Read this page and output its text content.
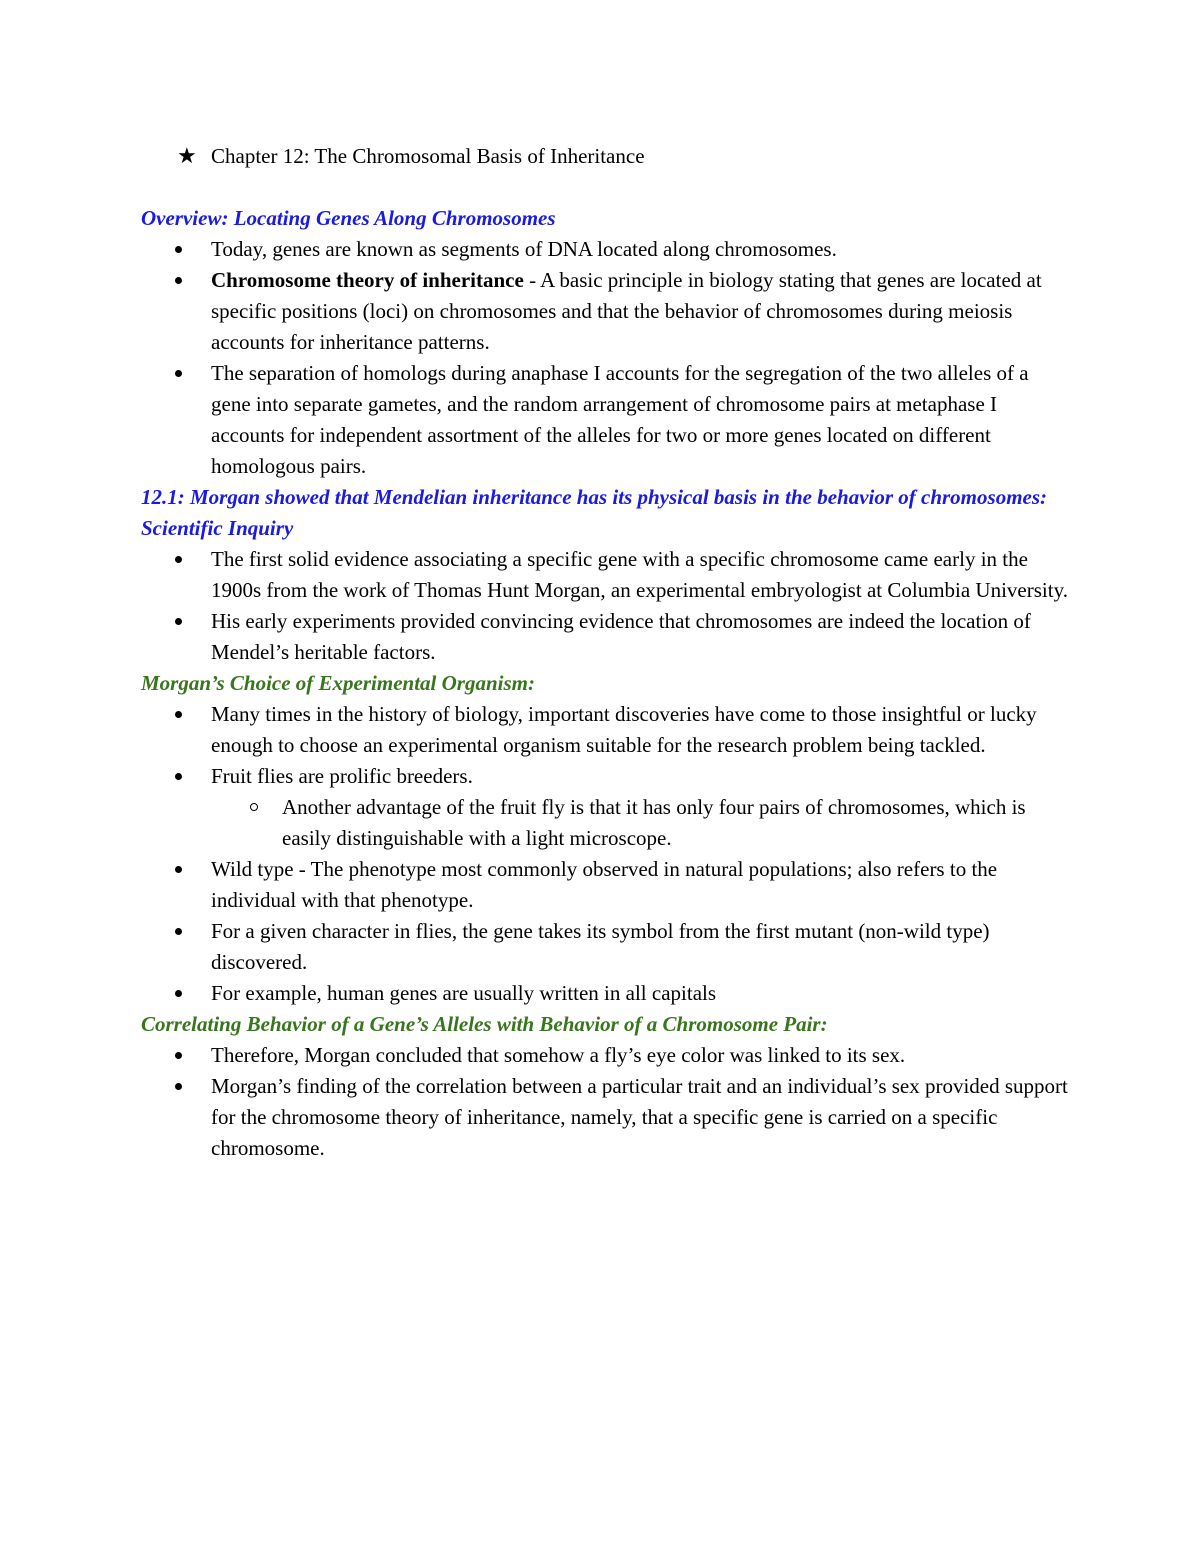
★ Chapter 12: The Chromosomal Basis of Inheritance

Overview: Locating Genes Along Chromosomes

Today, genes are known as segments of DNA located along chromosomes.
Chromosome theory of inheritance - A basic principle in biology stating that genes are located at specific positions (loci) on chromosomes and that the behavior of chromosomes during meiosis accounts for inheritance patterns.
The separation of homologs during anaphase I accounts for the segregation of the two alleles of a gene into separate gametes, and the random arrangement of chromosome pairs at metaphase I accounts for independent assortment of the alleles for two or more genes located on different homologous pairs.

12.1: Morgan showed that Mendelian inheritance has its physical basis in the behavior of chromosomes: Scientific Inquiry

The first solid evidence associating a specific gene with a specific chromosome came early in the 1900s from the work of Thomas Hunt Morgan, an experimental embryologist at Columbia University.
His early experiments provided convincing evidence that chromosomes are indeed the location of Mendel’s heritable factors.

Morgan’s Choice of Experimental Organism:

Many times in the history of biology, important discoveries have come to those insightful or lucky enough to choose an experimental organism suitable for the research problem being tackled.
Fruit flies are prolific breeders.
Another advantage of the fruit fly is that it has only four pairs of chromosomes, which is easily distinguishable with a light microscope.
Wild type - The phenotype most commonly observed in natural populations; also refers to the individual with that phenotype.
For a given character in flies, the gene takes its symbol from the first mutant (non-wild type) discovered.
For example, human genes are usually written in all capitals

Correlating Behavior of a Gene’s Alleles with Behavior of a Chromosome Pair:

Therefore, Morgan concluded that somehow a fly’s eye color was linked to its sex.
Morgan’s finding of the correlation between a particular trait and an individual’s sex provided support for the chromosome theory of inheritance, namely, that a specific gene is carried on a specific chromosome.
